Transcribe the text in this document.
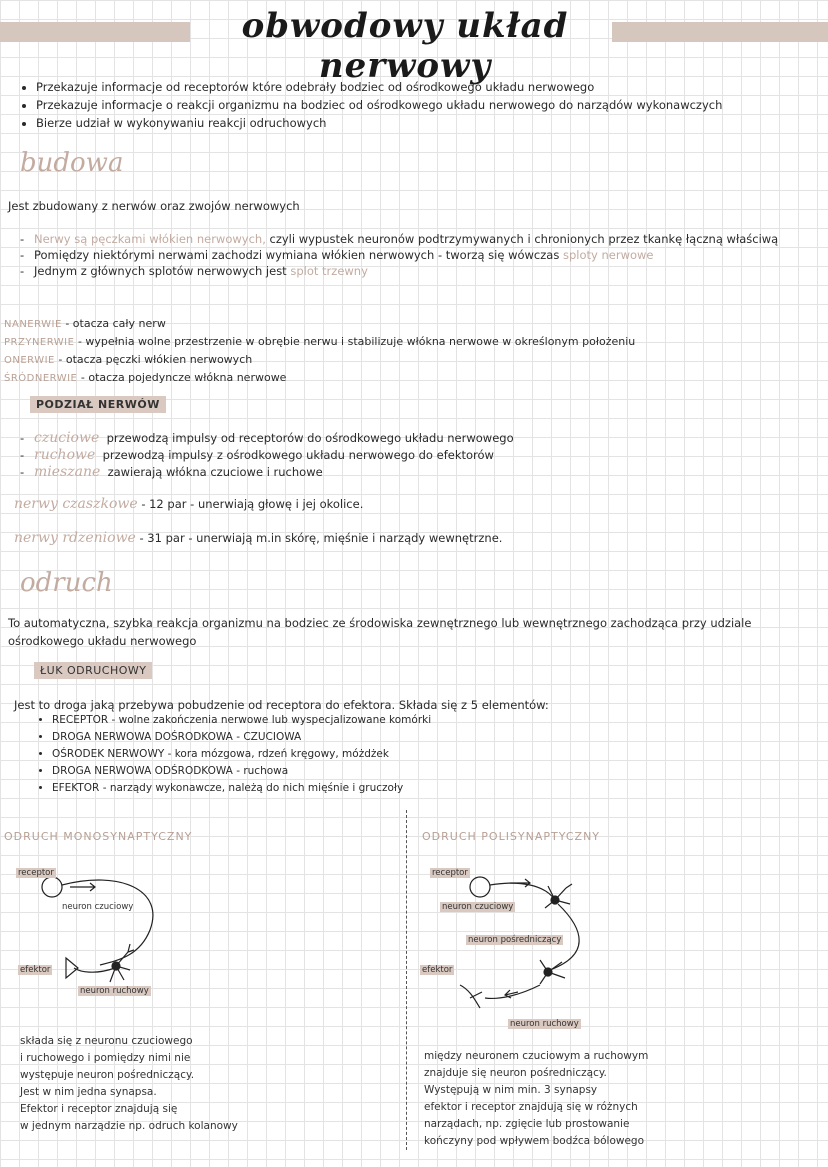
obwodowy układ nerwowy
• Przekazuje informacje od receptorów które odebrały bodziec od ośrodkowego układu nerwowego
• Przekazuje informacje o reakcji organizmu na bodziec od ośrodkowego układu nerwowego do narządów wykonawczych
• Bierze udział w wykonywaniu reakcji odruchowych
budowa
Jest zbudowany z nerwów oraz zwojów nerwowych
- Nerwy są pęczkami włókien nerwowych, czyli wypustek neuronów podtrzymywanych i chronionych przez tkankę łączną właściwą
- Pomiędzy niektórymi nerwami zachodzi wymiana włókien nerwowych - tworzą się wówczas sploty nerwowe
- Jednym z głównych splotów nerwowych jest splot trzewny
NANERWIE - otacza cały nerw
PRZYNERWIE - wypełnia wolne przestrzenie w obrębie nerwu i stabilizuje włókna nerwowe w określonym położeniu
ONERWIE - otacza pęczki włókien nerwowych
ŚRÓDNERWIE - otacza pojedyncze włókna nerwowe
PODZIAŁ NERWÓW
- czuciowe przewodzą impulsy od receptorów do ośrodkowego układu nerwowego
- ruchowe przewodzą impulsy z ośrodkowego układu nerwowego do efektorów
- mieszane zawierają włókna czuciowe i ruchowe
nerwy czaszkowe - 12 par - unerwiają głowę i jej okolice.
nerwy rdzeniowe - 31 par - unerwiają m.in skórę, mięśnie i narządy wewnętrzne.
odruch
To automatyczna, szybka reakcja organizmu na bodziec ze środowiska zewnętrznego lub wewnętrznego zachodząca przy udziale ośrodkowego układu nerwowego
ŁUK ODRUCHOWY
Jest to droga jaką przebywa pobudzenie od receptora do efektora. Składa się z 5 elementów:
• RECEPTOR - wolne zakończenia nerwowe lub wyspecjalizowane komórki
• DROGA NERWOWA DOŚRODKOWA - CZUCIOWA
• OŚRODEK NERWOWY - kora mózgowa, rdzeń kręgowy, móżdżek
• DROGA NERWOWA ODŚRODKOWA - ruchowa
• EFEKTOR - narządy wykonawcze, należą do nich mięśnie i gruczoły
ODRUCH MONOSYNAPTYCZNY
receptor
neuron czuciowy
efektor
neuron ruchowy
składa się z neuronu czuciowego
i ruchowego i pomiędzy nimi nie
występuje neuron pośredniczący.
Jest w nim jedna synapsa.
Efektor i receptor znajdują się
w jednym narządzie np. odruch kolanowy
ODRUCH POLISYNAPTYCZNY
receptor
neuron czuciowy
neuron pośredniczący
efektor
neuron ruchowy
między neuronem czuciowym a ruchowym
znajduje się neuron pośredniczący.
Występują w nim min. 3 synapsy
efektor i receptor znajdują się w różnych
narządach, np. zgięcie lub prostowanie
kończyny pod wpływem bodźca bólowego
